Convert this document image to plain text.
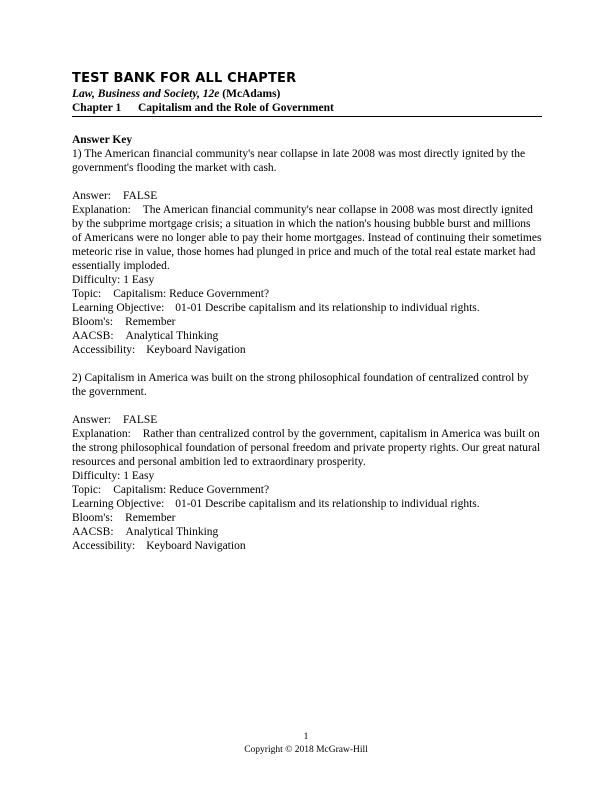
TEST BANK FOR ALL CHAPTER
Law, Business and Society, 12e (McAdams)
Chapter 1 Capitalism and the Role of Government
Answer Key

1) The American financial community's near collapse in late 2008 was most directly ignited by the government's flooding the market with cash.

Answer: FALSE
Explanation: The American financial community's near collapse in 2008 was most directly ignited by the subprime mortgage crisis; a situation in which the nation's housing bubble burst and millions of Americans were no longer able to pay their home mortgages. Instead of continuing their sometimes meteoric rise in value, those homes had plunged in price and much of the total real estate market had essentially imploded.
Difficulty: 1 Easy
Topic: Capitalism: Reduce Government?
Learning Objective: 01-01 Describe capitalism and its relationship to individual rights.
Bloom's: Remember
AACSB: Analytical Thinking
Accessibility: Keyboard Navigation

2) Capitalism in America was built on the strong philosophical foundation of centralized control by the government.

Answer: FALSE
Explanation: Rather than centralized control by the government, capitalism in America was built on the strong philosophical foundation of personal freedom and private property rights. Our great natural resources and personal ambition led to extraordinary prosperity.
Difficulty: 1 Easy
Topic: Capitalism: Reduce Government?
Learning Objective: 01-01 Describe capitalism and its relationship to individual rights.
Bloom's: Remember
AACSB: Analytical Thinking
Accessibility: Keyboard Navigation
1
Copyright © 2018 McGraw-Hill
